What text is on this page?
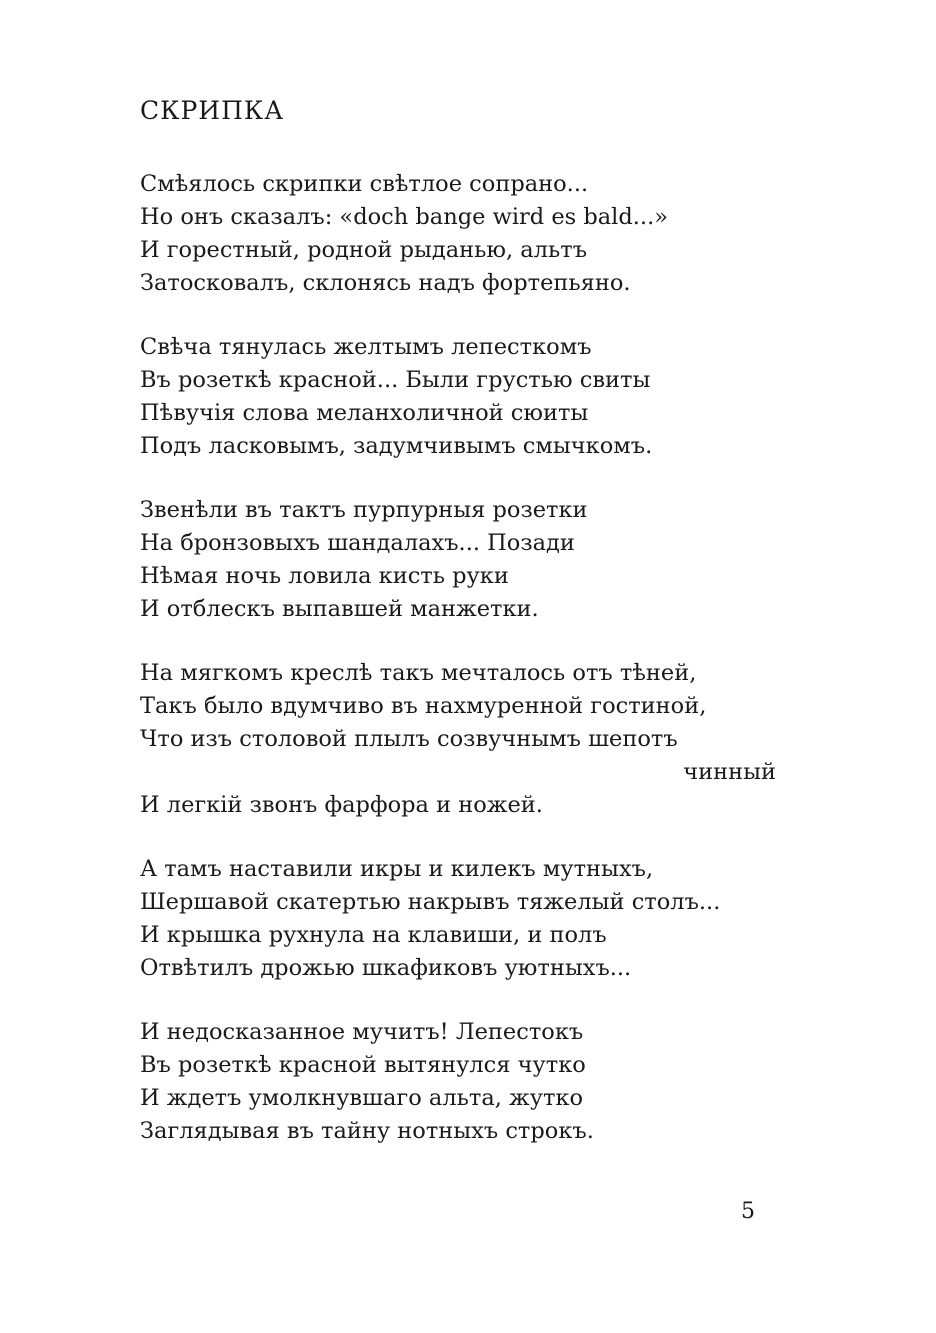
СКРИПКА
Смѣялось скрипки свѣтлое сопрано...
Но онъ сказалъ: «doch bange wird es bald...»
И горестный, родной рыданью, альтъ
Затосковалъ, склонясь надъ фортепьяно.
Свѣча тянулась желтымъ лепесткомъ
Въ розеткѣ красной... Были грустью свиты
Пѣвучія слова меланхоличной сюиты
Подъ ласковымъ, задумчивымъ смычкомъ.
Звенѣли въ тактъ пурпурныя розетки
На бронзовыхъ шандалахъ... Позади
Нѣмая ночь ловила кисть руки
И отблескъ выпавшей манжетки.
На мягкомъ креслѣ такъ мечталось отъ тѣней,
Такъ было вдумчиво въ нахмуренной гостиной,
Что изъ столовой плылъ созвучнымъ шепотъ
чинный
И легкій звонъ фарфора и ножей.
А тамъ наставили икры и килекъ мутныхъ,
Шершавой скатертью накрывъ тяжелый столъ...
И крышка рухнула на клавиши, и полъ
Отвѣтилъ дрожью шкафиковъ уютныхъ...
И недосказанное мучитъ! Лепестокъ
Въ розеткѣ красной вытянулся чутко
И ждетъ умолкнувшаго альта, жутко
Заглядывая въ тайну нотныхъ строкъ.
5
